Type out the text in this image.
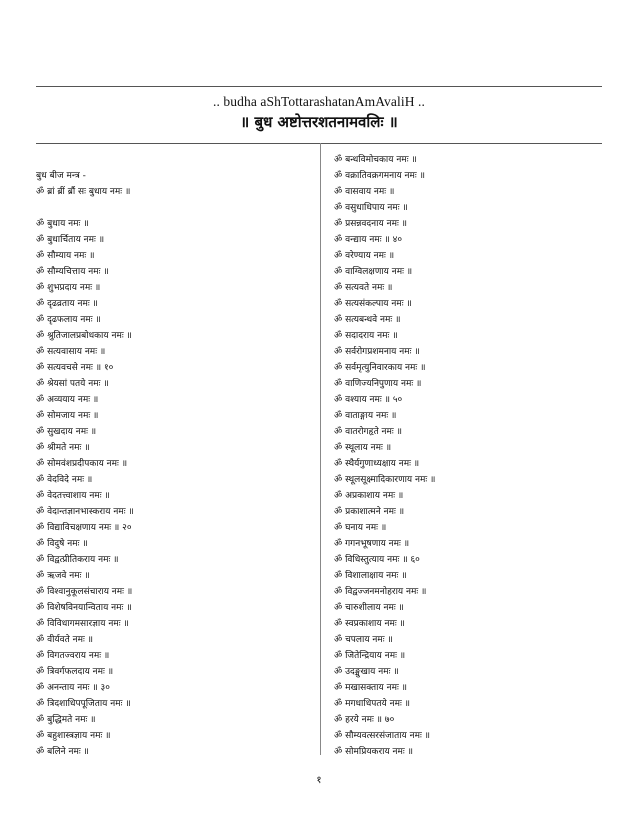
.. budha aShTottarashatanAmAvaliH ..
॥ बुध अष्टोत्तरशतनामवलिः ॥
बुध बीज मन्त्र -
ॐ ब्रां ब्रीं ब्रौं सः बुधाय नमः ॥
ॐ बुधाय नमः ॥
ॐ बुधार्चिताय नमः ॥
ॐ सौम्याय नमः ॥
ॐ सौम्यचित्ताय नमः ॥
ॐ शुभप्रदाय नमः ॥
ॐ दृढव्रताय नमः ॥
ॐ दृढफलाय नमः ॥
ॐ श्रुतिजालप्रबोधकाय नमः ॥
ॐ सत्यवासाय नमः ॥
ॐ सत्यवचसे नमः ॥ १०
ॐ श्रेयसां पतये नमः ॥
ॐ अव्ययाय नमः ॥
ॐ सोमजाय नमः ॥
ॐ सुखदाय नमः ॥
ॐ श्रीमते नमः ॥
ॐ सोमवंशप्रदीपकाय नमः ॥
ॐ वेदविदे नमः ॥
ॐ वेदतत्त्वाशाय नमः ॥
ॐ वेदान्तज्ञानभास्कराय नमः ॥
ॐ विद्याविचक्षणाय नमः ॥ २०
ॐ विदुषे नमः ॥
ॐ विद्वत्प्रीतिकराय नमः ॥
ॐ ऋजवे नमः ॥
ॐ विश्वानुकूलसंचाराय नमः ॥
ॐ विशेषविनयान्विताय नमः ॥
ॐ विविधागमसारज्ञाय नमः ॥
ॐ वीर्यवते नमः ॥
ॐ विगतज्वराय नमः ॥
ॐ त्रिवर्गफलदाय नमः ॥
ॐ अनन्ताय नमः ॥ ३०
ॐ त्रिदशाधिपपूजिताय नमः ॥
ॐ बुद्धिमते नमः ॥
ॐ बहुशास्त्रज्ञाय नमः ॥
ॐ बलिने नमः ॥
ॐ बन्धविमोचकाय नमः ॥
ॐ वक्रातिवक्रगमनाय नमः ॥
ॐ वासवाय नमः ॥
ॐ वसुधाधिपाय नमः ॥
ॐ प्रसन्नवदनाय नमः ॥
ॐ वन्द्याय नमः ॥ ४०
ॐ वरेण्याय नमः ॥
ॐ वाग्विलक्षणाय नमः ॥
ॐ सत्यवते नमः ॥
ॐ सत्यसंकल्पाय नमः ॥
ॐ सत्यबन्धवे नमः ॥
ॐ सदादराय नमः ॥
ॐ सर्वरोगप्रशमनाय नमः ॥
ॐ सर्वमृत्युनिवारकाय नमः ॥
ॐ वाणिज्यनिपुणाय नमः ॥
ॐ वश्याय नमः ॥ ५०
ॐ वाताङ्गाय नमः ॥
ॐ वातरोगहृते नमः ॥
ॐ स्थूलाय नमः ॥
ॐ स्थैर्यगुणाध्यक्षाय नमः ॥
ॐ स्थूलसूक्ष्मादिकारणाय नमः ॥
ॐ अप्रकाशाय नमः ॥
ॐ प्रकाशात्मने नमः ॥
ॐ घनाय नमः ॥
ॐ गगनभूषणाय नमः ॥
ॐ विधिस्तुत्याय नमः ॥ ६०
ॐ विशालाक्षाय नमः ॥
ॐ विद्वज्जनमनोहराय नमः ॥
ॐ चारुशीलाय नमः ॥
ॐ स्वप्रकाशाय नमः ॥
ॐ चपलाय नमः ॥
ॐ जितेन्द्रियाय नमः ॥
ॐ उदङ्मुखाय नमः ॥
ॐ मखासक्ताय नमः ॥
ॐ मगधाधिपतये नमः ॥
ॐ हरये नमः ॥ ७०
ॐ सौम्यवत्सरसंजाताय नमः ॥
ॐ सोमप्रियकराय नमः ॥
१
